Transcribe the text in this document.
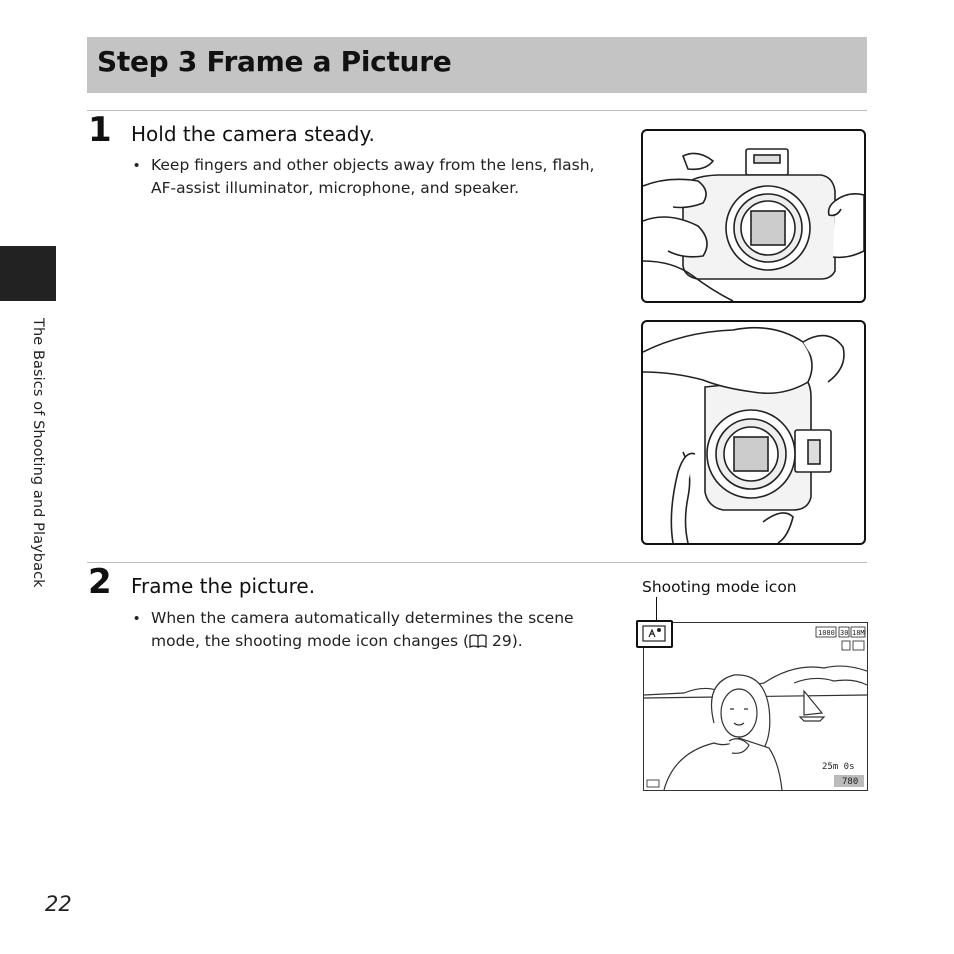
The Basics of Shooting and Playback
Step 3 Frame a Picture
1 Hold the camera steady.
• Keep fingers and other objects away from the lens, flash,
AF-assist illuminator, microphone, and speaker.
2 Frame the picture.
• When the camera automatically determines the scene
mode, the shooting mode icon changes ( 29).
Shooting mode icon
1080 30 18M
25m 0s
780
22
